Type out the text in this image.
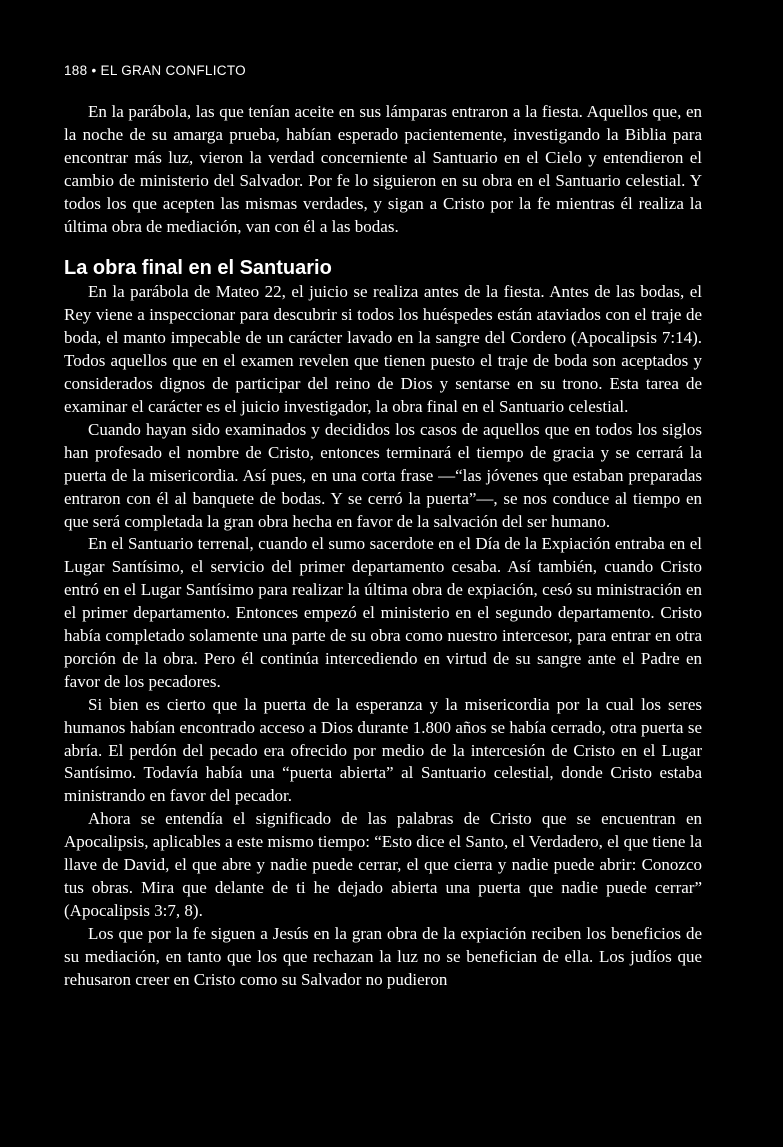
188 • EL GRAN CONFLICTO

En la parábola, las que tenían aceite en sus lámparas entraron a la fiesta. Aquellos que, en la noche de su amarga prueba, habían esperado pacientemente, investigando la Biblia para encontrar más luz, vieron la verdad concerniente al Santuario en el Cielo y entendieron el cambio de ministerio del Salvador. Por fe lo siguieron en su obra en el Santuario celestial. Y todos los que acepten las mismas verdades, y sigan a Cristo por la fe mientras él realiza la última obra de mediación, van con él a las bodas.

La obra final en el Santuario

En la parábola de Mateo 22, el juicio se realiza antes de la fiesta. Antes de las bodas, el Rey viene a inspeccionar para descubrir si todos los huéspedes están ataviados con el traje de boda, el manto impecable de un carácter lavado en la sangre del Cordero (Apocalipsis 7:14). Todos aquellos que en el examen revelen que tienen puesto el traje de boda son aceptados y considerados dignos de participar del reino de Dios y sentarse en su trono. Esta tarea de examinar el carácter es el juicio investigador, la obra final en el Santuario celestial.

Cuando hayan sido examinados y decididos los casos de aquellos que en todos los siglos han profesado el nombre de Cristo, entonces terminará el tiempo de gracia y se cerrará la puerta de la misericordia. Así pues, en una corta frase —“las jóvenes que estaban preparadas entraron con él al banquete de bodas. Y se cerró la puerta”—, se nos conduce al tiempo en que será completada la gran obra hecha en favor de la salvación del ser humano.

En el Santuario terrenal, cuando el sumo sacerdote en el Día de la Expiación entraba en el Lugar Santísimo, el servicio del primer departamento cesaba. Así también, cuando Cristo entró en el Lugar Santísimo para realizar la última obra de expiación, cesó su ministración en el primer departamento. Entonces empezó el ministerio en el segundo departamento. Cristo había completado solamente una parte de su obra como nuestro intercesor, para entrar en otra porción de la obra. Pero él continúa intercediendo en virtud de su sangre ante el Padre en favor de los pecadores.

Si bien es cierto que la puerta de la esperanza y la misericordia por la cual los seres humanos habían encontrado acceso a Dios durante 1.800 años se había cerrado, otra puerta se abría. El perdón del pecado era ofrecido por medio de la intercesión de Cristo en el Lugar Santísimo. Todavía había una “puerta abierta” al Santuario celestial, donde Cristo estaba ministrando en favor del pecador.

Ahora se entendía el significado de las palabras de Cristo que se encuentran en Apocalipsis, aplicables a este mismo tiempo: “Esto dice el Santo, el Verdadero, el que tiene la llave de David, el que abre y nadie puede cerrar, el que cierra y nadie puede abrir: Conozco tus obras. Mira que delante de ti he dejado abierta una puerta que nadie puede cerrar” (Apocalipsis 3:7, 8).

Los que por la fe siguen a Jesús en la gran obra de la expiación reciben los beneficios de su mediación, en tanto que los que rechazan la luz no se benefician de ella. Los judíos que rehusaron creer en Cristo como su Salvador no pudieron
